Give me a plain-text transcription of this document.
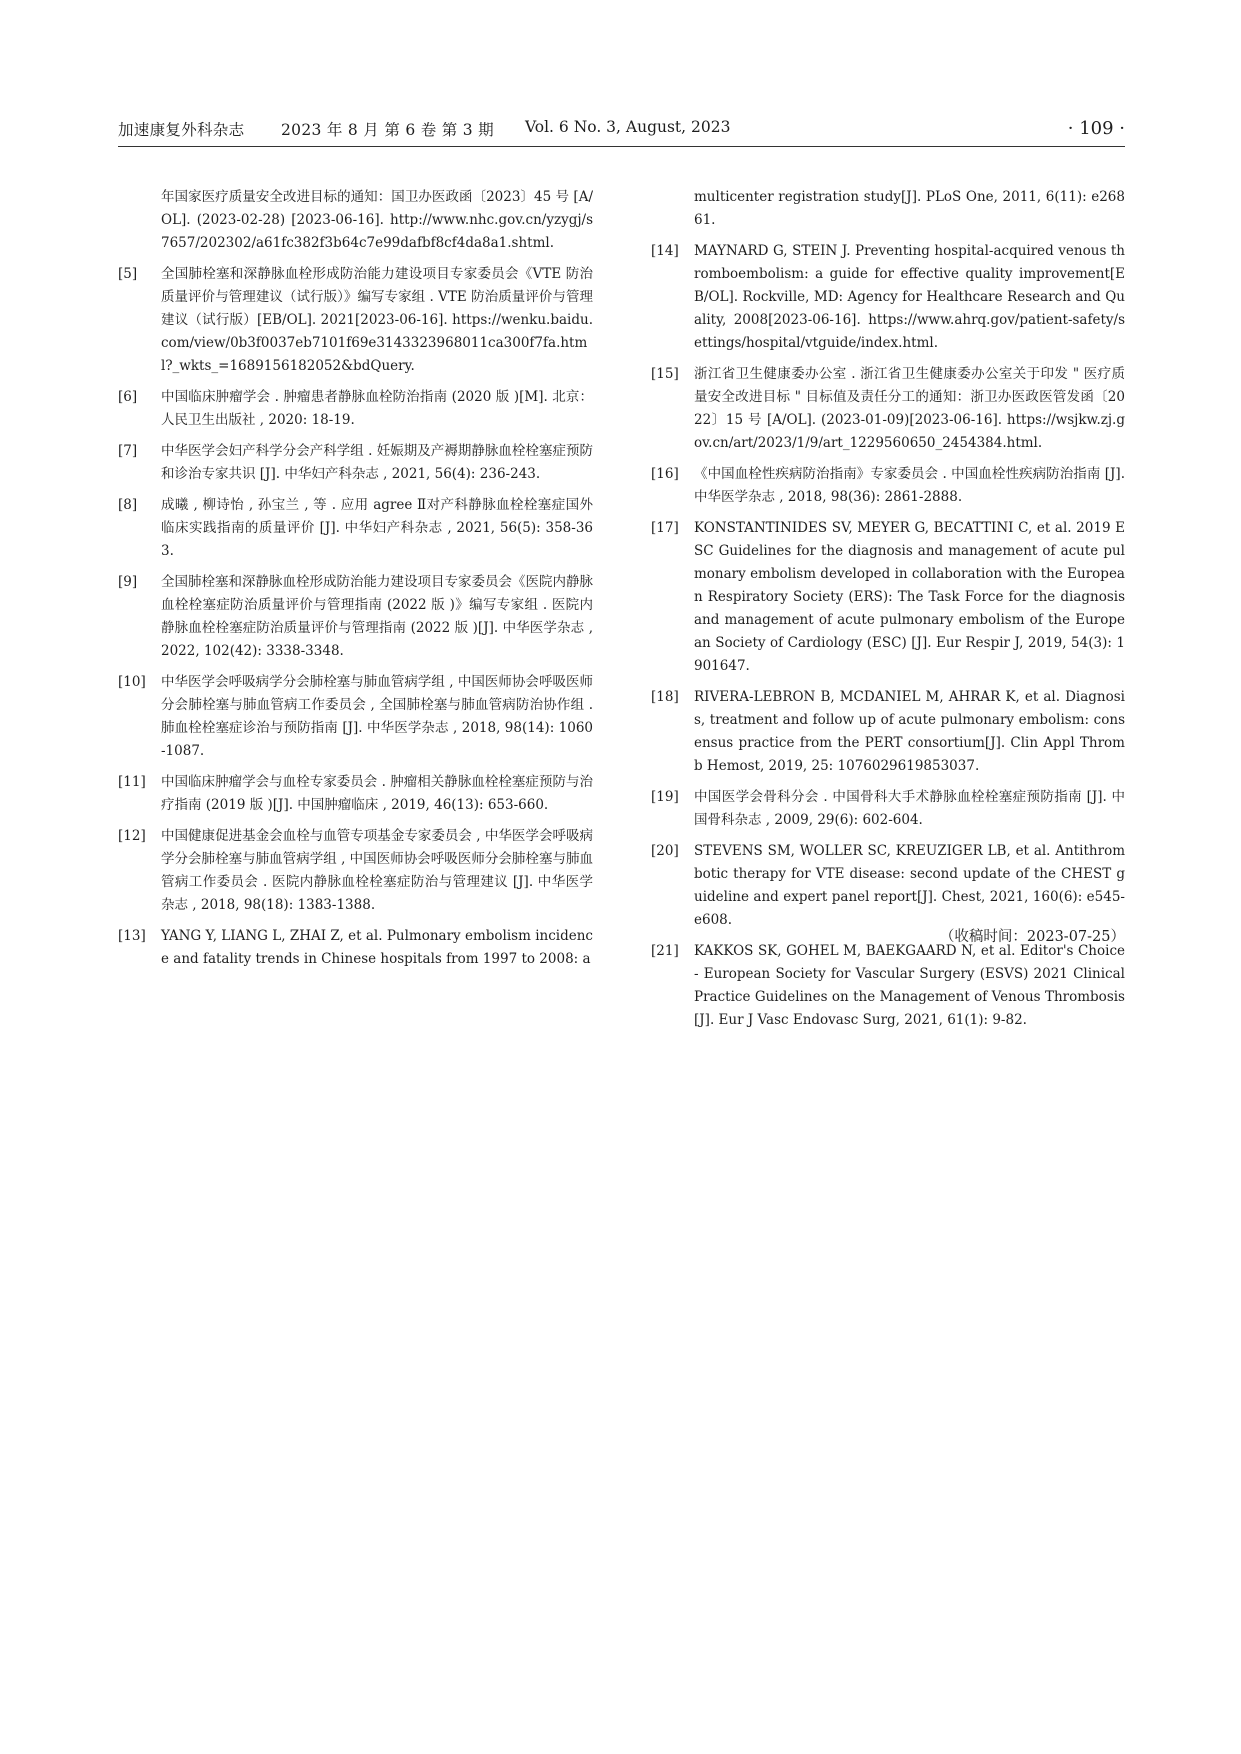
加速康复外科杂志 2023 年 8 月 第 6 卷 第 3 期 Vol. 6 No. 3, August, 2023	· 109 ·
年国家医疗质量安全改进目标的通知：国卫办医政函〔2023〕45 号 [A/OL]. (2023-02-28) [2023-06-16]. http://www.nhc.gov.cn/yzygj/s7657/202302/a61fc382f3b64c7e99dafbf8cf4da8a1.shtml.
[5]	全国肺栓塞和深静脉血栓形成防治能力建设项目专家委员会《VTE 防治质量评价与管理建议（试行版）》编写专家组 . VTE 防治质量评价与管理建议（试行版）[EB/OL]. 2021[2023-06-16]. https://wenku.baidu.com/view/0b3f0037eb7101f69e3143323968011ca300f7fa.html?_wkts_=1689156182052&bdQuery.
[6]	中国临床肿瘤学会 . 肿瘤患者静脉血栓防治指南 (2020 版 )[M]. 北京：人民卫生出版社 , 2020: 18-19.
[7]	中华医学会妇产科学分会产科学组 . 妊娠期及产褥期静脉血栓栓塞症预防和诊治专家共识 [J]. 中华妇产科杂志 , 2021, 56(4): 236-243.
[8]	成曦 , 柳诗怡 , 孙宝兰 , 等 . 应用 agree Ⅱ对产科静脉血栓栓塞症国外临床实践指南的质量评价 [J]. 中华妇产科杂志 , 2021, 56(5): 358-363.
[9]	全国肺栓塞和深静脉血栓形成防治能力建设项目专家委员会《医院内静脉血栓栓塞症防治质量评价与管理指南 (2022 版 )》编写专家组 . 医院内静脉血栓栓塞症防治质量评价与管理指南 (2022 版 )[J]. 中华医学杂志 , 2022, 102(42): 3338-3348.
[10]	中华医学会呼吸病学分会肺栓塞与肺血管病学组 , 中国医师协会呼吸医师分会肺栓塞与肺血管病工作委员会 , 全国肺栓塞与肺血管病防治协作组 . 肺血栓栓塞症诊治与预防指南 [J]. 中华医学杂志 , 2018, 98(14): 1060-1087.
[11]	中国临床肿瘤学会与血栓专家委员会 . 肿瘤相关静脉血栓栓塞症预防与治疗指南 (2019 版 )[J]. 中国肿瘤临床 , 2019, 46(13): 653-660.
[12]	中国健康促进基金会血栓与血管专项基金专家委员会 , 中华医学会呼吸病学分会肺栓塞与肺血管病学组 , 中国医师协会呼吸医师分会肺栓塞与肺血管病工作委员会 . 医院内静脉血栓栓塞症防治与管理建议 [J]. 中华医学杂志 , 2018, 98(18): 1383-1388.
[13]	YANG Y, LIANG L, ZHAI Z, et al. Pulmonary embolism incidence and fatality trends in Chinese hospitals from 1997 to 2008: a
multicenter registration study[J]. PLoS One, 2011, 6(11): e26861.
[14]	MAYNARD G, STEIN J. Preventing hospital-acquired venous thromboembolism: a guide for effective quality improvement[EB/OL]. Rockville, MD: Agency for Healthcare Research and Quality, 2008[2023-06-16]. https://www.ahrq.gov/patient-safety/settings/hospital/vtguide/index.html.
[15]	浙江省卫生健康委办公室 . 浙江省卫生健康委办公室关于印发 " 医疗质量安全改进目标 " 目标值及责任分工的通知：浙卫办医政医管发函〔2022〕15 号 [A/OL]. (2023-01-09)[2023-06-16]. https://wsjkw.zj.gov.cn/art/2023/1/9/art_1229560650_2454384.html.
[16]	《中国血栓性疾病防治指南》专家委员会 . 中国血栓性疾病防治指南 [J]. 中华医学杂志 , 2018, 98(36): 2861-2888.
[17]	KONSTANTINIDES SV, MEYER G, BECATTINI C, et al. 2019 ESC Guidelines for the diagnosis and management of acute pulmonary embolism developed in collaboration with the European Respiratory Society (ERS): The Task Force for the diagnosis and management of acute pulmonary embolism of the European Society of Cardiology (ESC) [J]. Eur Respir J, 2019, 54(3): 1901647.
[18]	RIVERA-LEBRON B, MCDANIEL M, AHRAR K, et al. Diagnosis, treatment and follow up of acute pulmonary embolism: consensus practice from the PERT consortium[J]. Clin Appl Thromb Hemost, 2019, 25: 1076029619853037.
[19]	中国医学会骨科分会 . 中国骨科大手术静脉血栓栓塞症预防指南 [J]. 中国骨科杂志 , 2009, 29(6): 602-604.
[20]	STEVENS SM, WOLLER SC, KREUZIGER LB, et al. Antithrombotic therapy for VTE disease: second update of the CHEST guideline and expert panel report[J]. Chest, 2021, 160(6): e545-e608.
[21]	KAKKOS SK, GOHEL M, BAEKGAARD N, et al. Editor's Choice - European Society for Vascular Surgery (ESVS) 2021 Clinical Practice Guidelines on the Management of Venous Thrombosis[J]. Eur J Vasc Endovasc Surg, 2021, 61(1): 9-82.
（收稿时间：2023-07-25）
